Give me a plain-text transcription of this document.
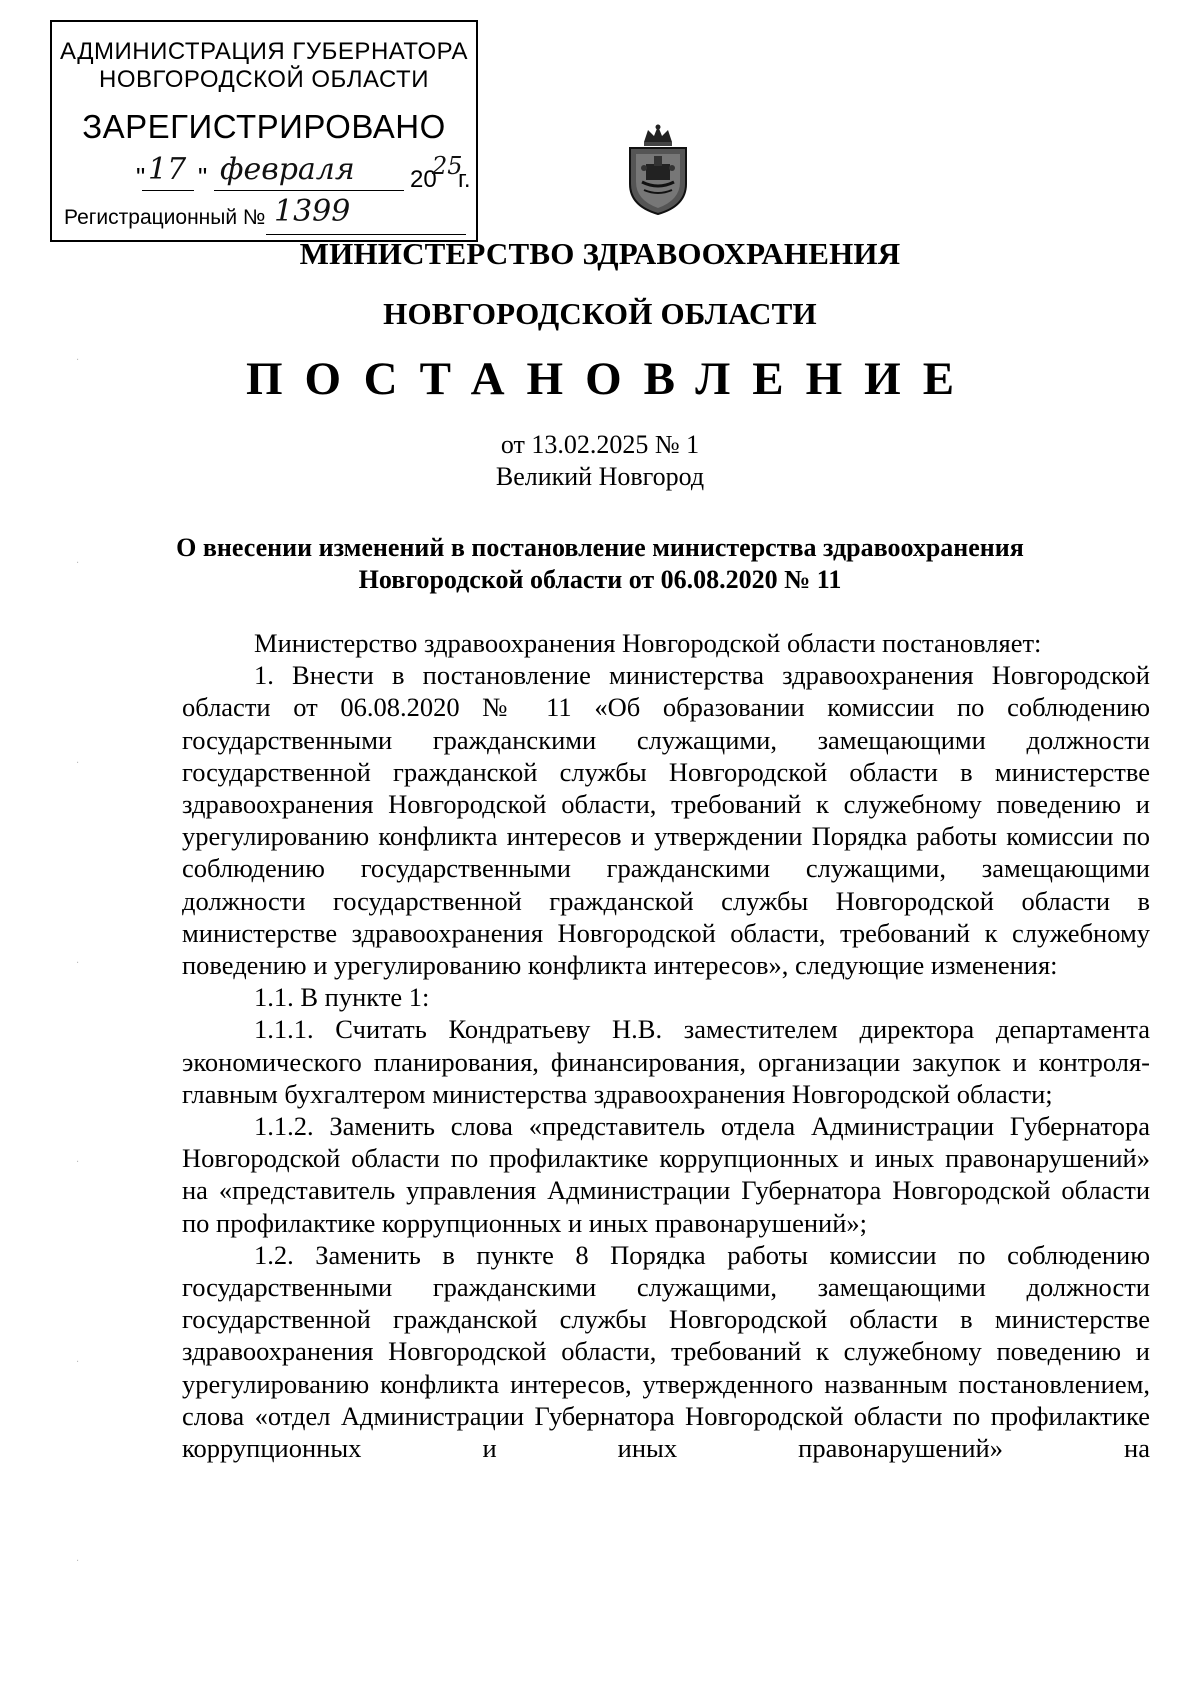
АДМИНИСТРАЦИЯ ГУБЕРНАТОРА
НОВГОРОДСКОЙ ОБЛАСТИ
ЗАРЕГИСТРИРОВАНО
" 17 " февраля 20
25
г.
Регистрационный № 1399
МИНИСТЕРСТВО ЗДРАВООХРАНЕНИЯ
НОВГОРОДСКОЙ ОБЛАСТИ
ПОСТАНОВЛЕНИЕ
от 13.02.2025 № 1
Великий Новгород
О внесении изменений в постановление министерства здравоохранения
Новгородской области от 06.08.2020 № 11

Министерство здравоохранения Новгородской области постановляет:

1. Внести в постановление министерства здравоохранения Новгородской области от 06.08.2020 № 11 «Об образовании комиссии по соблюдению государственными гражданскими служащими, замещающими должности государственной гражданской службы Новгородской области в министерстве здравоохранения Новгородской области, требований к служебному поведению и урегулированию конфликта интересов и утверждении Порядка работы комиссии по соблюдению государственными гражданскими служащими, замещающими должности государственной гражданской службы Новгородской области в министерстве здравоохранения Новгородской области, требований к служебному поведению и урегулированию конфликта интересов», следующие изменения:

1.1. В пункте 1:

1.1.1. Считать Кондратьеву Н.В. заместителем директора департамента экономического планирования, финансирования, организации закупок и контроля-главным бухгалтером министерства здравоохранения Новгородской области;

1.1.2. Заменить слова «представитель отдела Администрации Губернатора Новгородской области по профилактике коррупционных и иных правонарушений» на «представитель управления Администрации Губернатора Новгородской области по профилактике коррупционных и иных правонарушений»;

1.2. Заменить в пункте 8 Порядка работы комиссии по соблюдению государственными гражданскими служащими, замещающими должности государственной гражданской службы Новгородской области в министерстве здравоохранения Новгородской области, требований к служебному поведению и урегулированию конфликта интересов, утвержденного названным постановлением, слова «отдел Администрации Губернатора Новгородской области по профилактике коррупционных и иных правонарушений» на

·
·
·
·
·
·
·
